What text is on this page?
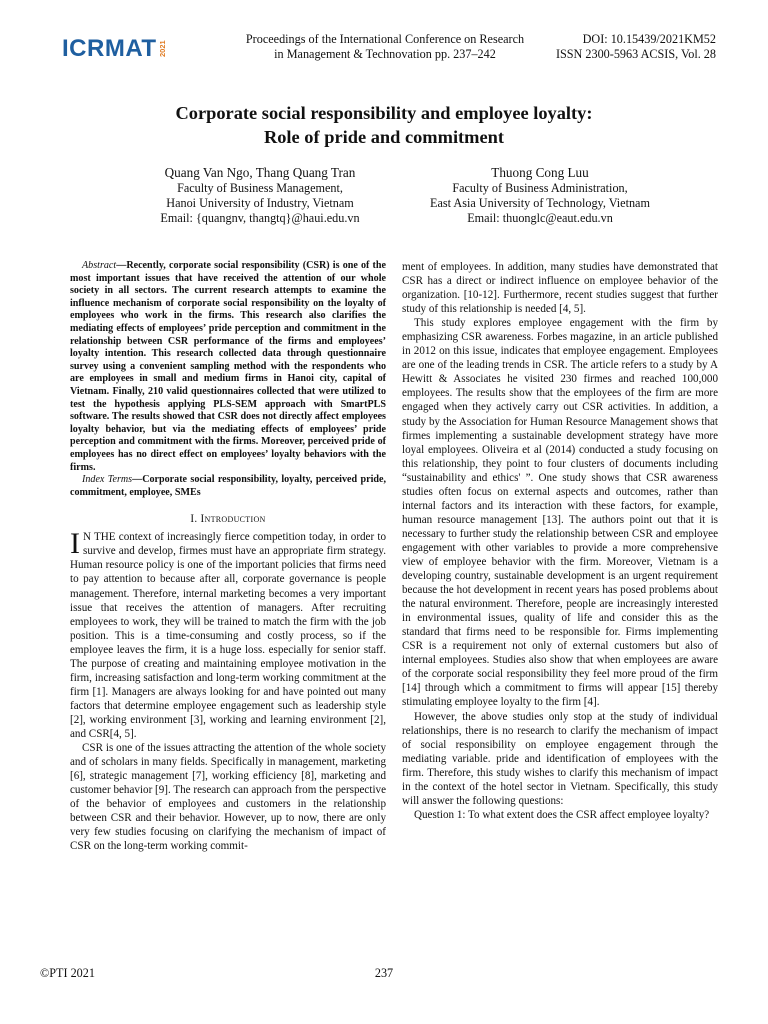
ICRMAT 2021
Proceedings of the International Conference on Research
in Management & Technovation pp. 237–242
DOI: 10.15439/2021KM52
ISSN 2300-5963 ACSIS, Vol. 28
Corporate social responsibility and employee loyalty:
Role of pride and commitment
Quang Van Ngo, Thang Quang Tran
Faculty of Business Management,
Hanoi University of Industry, Vietnam
Email: {quangnv, thangtq}@haui.edu.vn
Thuong Cong Luu
Faculty of Business Administration,
East Asia University of Technology, Vietnam
Email: thuonglc@eaut.edu.vn

Abstract—Recently, corporate social responsibility (CSR) is one of the most important issues that have received the attention of our whole society in all sectors. The current research attempts to examine the influence mechanism of corporate social responsibility on the loyalty of employees who work in the firms. This research also clarifies the mediating effects of employees’ pride perception and commitment in the relationship between CSR performance of the firms and employees’ loyalty intention. This research collected data through questionnaire survey using a convenient sampling method with the respondents who are employees in small and medium firms in Hanoi city, capital of Vietnam. Finally, 210 valid questionnaires collected that were utilized to test the hypothesis applying PLS-SEM approach with SmartPLS software. The results showed that CSR does not directly affect employees loyalty behavior, but via the mediating effects of employees’ pride perception and commitment with the firms. Moreover, perceived pride of employees has no direct effect on employees’ loyalty behaviors with the firms.

Index Terms—Corporate social responsibility, loyalty, perceived pride, commitment, employee, SMEs

I. Introduction

I N THE context of increasingly fierce competition today, in order to survive and develop, firmes must have an appropriate firm strategy. Human resource policy is one of the important policies that firms need to pay attention to because after all, corporate governance is people management. Therefore, internal marketing becomes a very important issue that receives the attention of managers. After recruiting employees to work, they will be trained to match the firm with the job position. This is a time-consuming and costly process, so if the employee leaves the firm, it is a huge loss. especially for senior staff. The purpose of creating and maintaining employee motivation in the firm, increasing satisfaction and long-term working commitment at the firm [1]. Managers are always looking for and have pointed out many factors that determine employee engagement such as leadership style [2], working environment [3], working and learning environment [2], and CSR[4, 5].

CSR is one of the issues attracting the attention of the whole society and of scholars in many fields. Specifically in management, marketing [6], strategic management [7], working efficiency [8], marketing and customer behavior [9]. The research can approach from the perspective of the behavior of employees and customers in the relationship between CSR and their behavior. However, up to now, there are only very few studies focusing on clarifying the mechanism of impact of CSR on the long-term working commit-

ment of employees. In addition, many studies have demonstrated that CSR has a direct or indirect influence on employee behavior of the organization. [10-12]. Furthermore, recent studies suggest that further study of this relationship is needed [4, 5].

This study explores employee engagement with the firm by emphasizing CSR awareness. Forbes magazine, in an article published in 2012 on this issue, indicates that employee engagement. Employees are one of the leading trends in CSR. The article refers to a study by A Hewitt & Associates he visited 230 firmes and reached 100,000 employees. The results show that the employees of the firm are more engaged when they actively carry out CSR activities. In addition, a study by the Association for Human Resource Management shows that firmes implementing a sustainable development strategy have more loyal employees. Oliveira et al (2014) conducted a study focusing on this relationship, they point to four clusters of documents including “sustainability and ethics' ”. One study shows that CSR awareness studies often focus on external aspects and outcomes, rather than internal factors and its interaction with these factors, for example, human resource management [13]. The authors point out that it is necessary to further study the relationship between CSR and employee engagement with other variables to provide a more comprehensive view of employee behavior with the firm. Moreover, Vietnam is a developing country, sustainable development is an urgent requirement because the hot development in recent years has posed problems about the natural environment. Therefore, people are increasingly interested in environmental issues, quality of life and consider this as the standard that firms need to be responsible for. Firms implementing CSR is a requirement not only of external customers but also of internal employees. Studies also show that when employees are aware of the corporate social responsibility they feel more proud of the firm [14] through which a commitment to firms will appear [15] thereby stimulating employee loyalty to the firm [4].

However, the above studies only stop at the study of individual relationships, there is no research to clarify the mechanism of impact of social responsibility on employee engagement through the mediating variable. pride and identification of employees with the firm. Therefore, this study wishes to clarify this mechanism of impact in the context of the hotel sector in Vietnam. Specifically, this study will answer the following questions:

Question 1: To what extent does the CSR affect employee loyalty?

©PTI 2021	237
